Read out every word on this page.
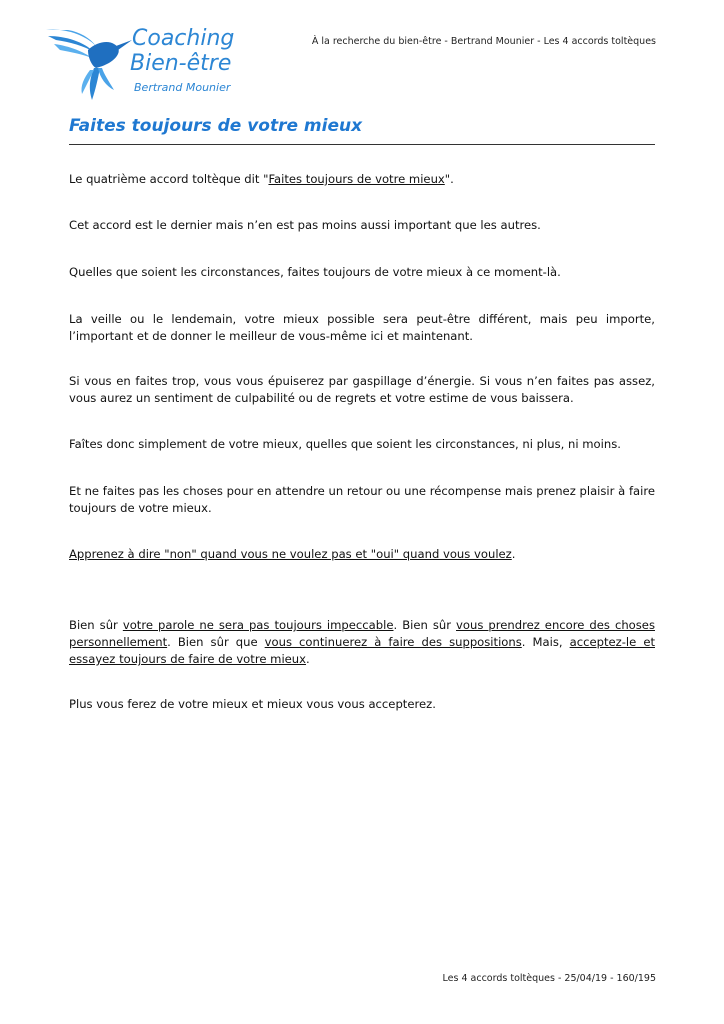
Coaching
Bien-être
Bertrand Mounier
À la recherche du bien-être - Bertrand Mounier - Les 4 accords toltèques
Faites toujours de votre mieux

Le quatrième accord toltèque dit "Faites toujours de votre mieux".

Cet accord est le dernier mais n’en est pas moins aussi important que les autres.

Quelles que soient les circonstances, faites toujours de votre mieux à ce moment-là.

La veille ou le lendemain, votre mieux possible sera peut-être différent, mais peu importe, l’important et de donner le meilleur de vous-même ici et maintenant.

Si vous en faites trop, vous vous épuiserez par gaspillage d’énergie. Si vous n’en faites pas assez, vous aurez un sentiment de culpabilité ou de regrets et votre estime de vous baissera.

Faîtes donc simplement de votre mieux, quelles que soient les circonstances, ni plus, ni moins.

Et ne faites pas les choses pour en attendre un retour ou une récompense mais prenez plaisir à faire toujours de votre mieux.

Apprenez à dire "non" quand vous ne voulez pas et "oui" quand vous voulez.

Bien sûr votre parole ne sera pas toujours impeccable. Bien sûr vous prendrez encore des choses personnellement. Bien sûr que vous continuerez à faire des suppositions. Mais, acceptez-le et essayez toujours de faire de votre mieux.

Plus vous ferez de votre mieux et mieux vous vous accepterez.

Les 4 accords toltèques - 25/04/19 - 160/195
